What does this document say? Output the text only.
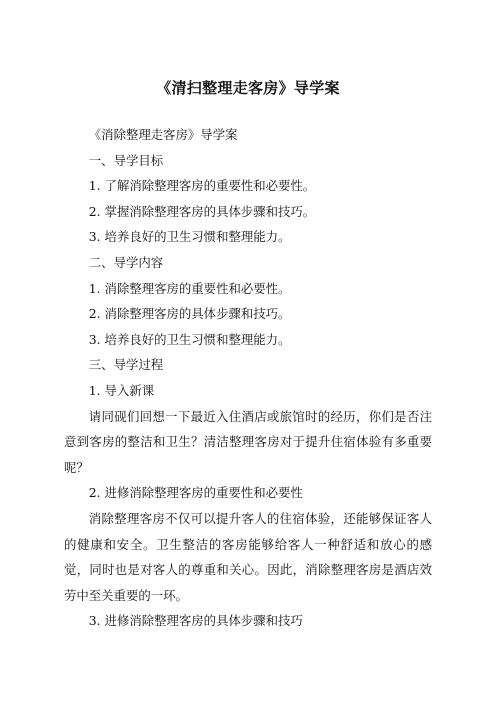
《清扫整理走客房》导学案

《消除整理走客房》导学案

一、导学目标

1. 了解消除整理客房的重要性和必要性。

2. 掌握消除整理客房的具体步骤和技巧。

3. 培养良好的卫生习惯和整理能力。

二、导学内容

1. 消除整理客房的重要性和必要性。

2. 消除整理客房的具体步骤和技巧。

3. 培养良好的卫生习惯和整理能力。

三、导学过程

1. 导入新课

请同砚们回想一下最近入住酒店或旅馆时的经历，你们是否注意到客房的整洁和卫生？清洁整理客房对于提升住宿体验有多重要呢？

2. 进修消除整理客房的重要性和必要性

消除整理客房不仅可以提升客人的住宿体验，还能够保证客人的健康和安全。卫生整洁的客房能够给客人一种舒适和放心的感觉，同时也是对客人的尊重和关心。因此，消除整理客房是酒店效劳中至关重要的一环。

3. 进修消除整理客房的具体步骤和技巧
